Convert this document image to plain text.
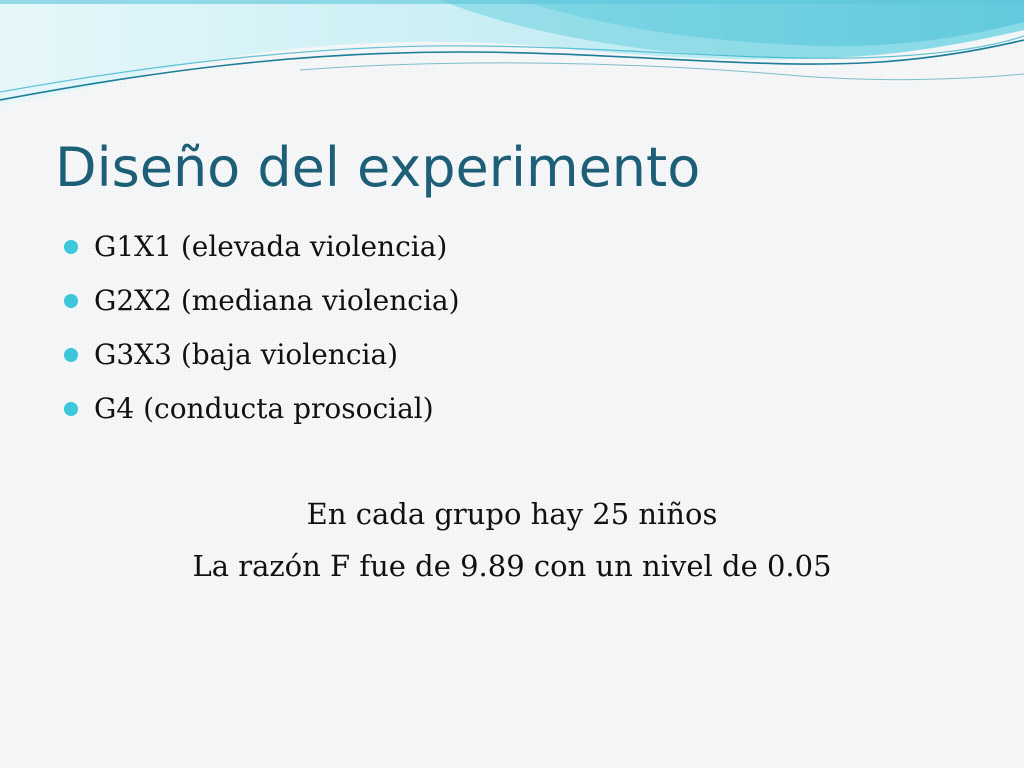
Diseño del experimento
G1X1 (elevada violencia)
G2X2 (mediana violencia)
G3X3 (baja violencia)
G4 (conducta prosocial)
En cada grupo hay 25 niños
La razón F fue de 9.89 con un nivel de 0.05
